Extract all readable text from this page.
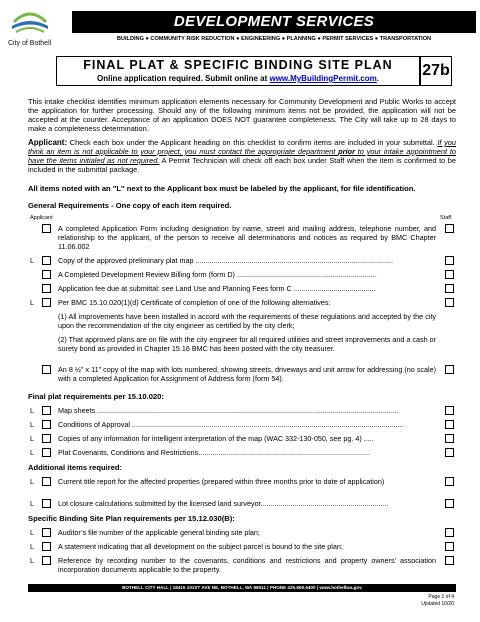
City of Bothell
DEVELOPMENT SERVICES
BUILDING ● COMMUNITY RISK REDUCTION ● ENGINEERING ● PLANNING ● PERMIT SERVICES ● TRANSPORTATION
FINAL PLAT & SPECIFIC BINDING SITE PLAN
Online application required. Submit online at www.MyBuildingPermit.com.	27b
This intake checklist identifies minimum application elements necessary for Community Development and Public Works to accept the application for further processing. Should any of the following minimum items not be provided, the application will not be accepted at the counter. Acceptance of an application DOES NOT guarantee completeness. The City will take up to 28 days to make a completeness determination.
Applicant: Check each box under the Applicant heading on this checklist to confirm items are included in your submittal. If you think an item is not applicable to your project, you must contact the appropriate department prior to your intake appointment to have the items initialed as not required. A Permit Technician will check off each box under Staff when the item is confirmed to be included in the submittal package.
All items noted with an "L" next to the Applicant box must be labeled by the applicant, for file identification.
General Requirements - One copy of each item required.
Applicant	Staff
A completed Application Form including designation by name, street and mailing address, telephone number, and relationship to the applicant, of the person to receive all determinations and notices as required by BMC Chapter 11.06.002
L	Copy of the approved preliminary plat map ...................................................................................................
A Completed Development Review Billing form (form D) ......................................................................
Application fee due at submittal: see Land Use and Planning Fees form C .........................................
L	Per BMC 15.10.020(1)(d) Certificate of completion of one of the following alternatives:
(1) All improvements have been installed in accord with the requirements of these regulations and accepted by the city upon the recommendation of the city engineer as certified by the city clerk;
(2) That approved plans are on file with the city engineer for all required utilities and street improvements and a cash or surety bond as provided in Chapter 15.16 BMC has been posted with the city treasurer.
An 8 ½" x 11" copy of the map with lots numbered, showing streets, driveways and unit arrow for addressing (no scale) with a completed Application for Assignment of Address form (form 54).
Final plat requirements per 15.10.020:
L	Map sheets .......................................................................................................................................................
L	Conditions of Approval ........................................................................................................................................
L	Copies of any information for intelligent interpretation of the map (WAC 332-130-050, see pg. 4) .....
L	Plat Covenants, Conditions and Restrictions......................................................................................
Additional items required:
L	Current title report for the affected properties (prepared within three months prior to date of application)
L	Lot closure calculations submitted by the licensed land surveyor................................................................
Specific Binding Site Plan requirements per 15.12.030(B):
L	Auditor’s file number of the applicable general binding site plan;
L	A statement indicating that all development on the subject parcel is bound to the site plan;
L	Reference by recording number to the covenants, conditions and restrictions and property owners’ association incorporation documents applicable to the property.
BOTHELL CITY HALL | 18415 101ST AVE NE, BOTHELL, WA 98011 | PHONE 425.806.6400 | www.bothellwa.gov
Page 1 of 4
Updated 10/20
